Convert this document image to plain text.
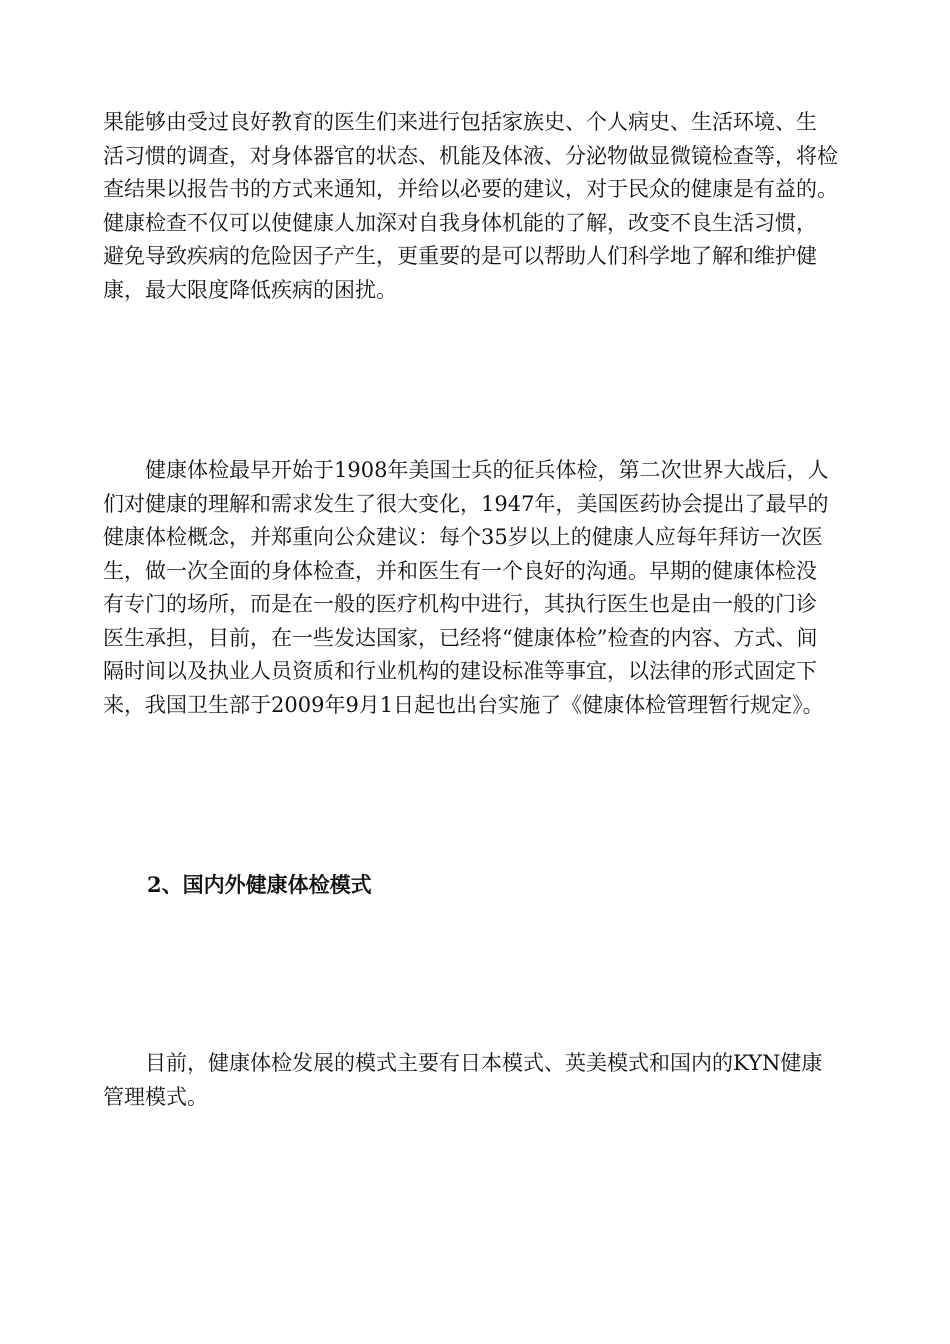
果能够由受过良好教育的医生们来进行包括家族史、个人病史、生活环境、生
活习惯的调查，对身体器官的状态、机能及体液、分泌物做显微镜检查等，将检
查结果以报告书的方式来通知，并给以必要的建议，对于民众的健康是有益的。
健康检查不仅可以使健康人加深对自我身体机能的了解，改变不良生活习惯，
避免导致疾病的危险因子产生，更重要的是可以帮助人们科学地了解和维护健
康，最大限度降低疾病的困扰。
　　健康体检最早开始于1908年美国士兵的征兵体检，第二次世界大战后，人
们对健康的理解和需求发生了很大变化，1947年，美国医药协会提出了最早的
健康体检概念，并郑重向公众建议：每个35岁以上的健康人应每年拜访一次医
生，做一次全面的身体检查，并和医生有一个良好的沟通。早期的健康体检没
有专门的场所，而是在一般的医疗机构中进行，其执行医生也是由一般的门诊
医生承担，目前，在一些发达国家，已经将“健康体检”检查的内容、方式、间
隔时间以及执业人员资质和行业机构的建设标准等事宜，以法律的形式固定下
来，我国卫生部于2009年9月1日起也出台实施了《健康体检管理暂行规定》。
2、国内外健康体检模式
　　目前，健康体检发展的模式主要有日本模式、英美模式和国内的KYN健康
管理模式。
